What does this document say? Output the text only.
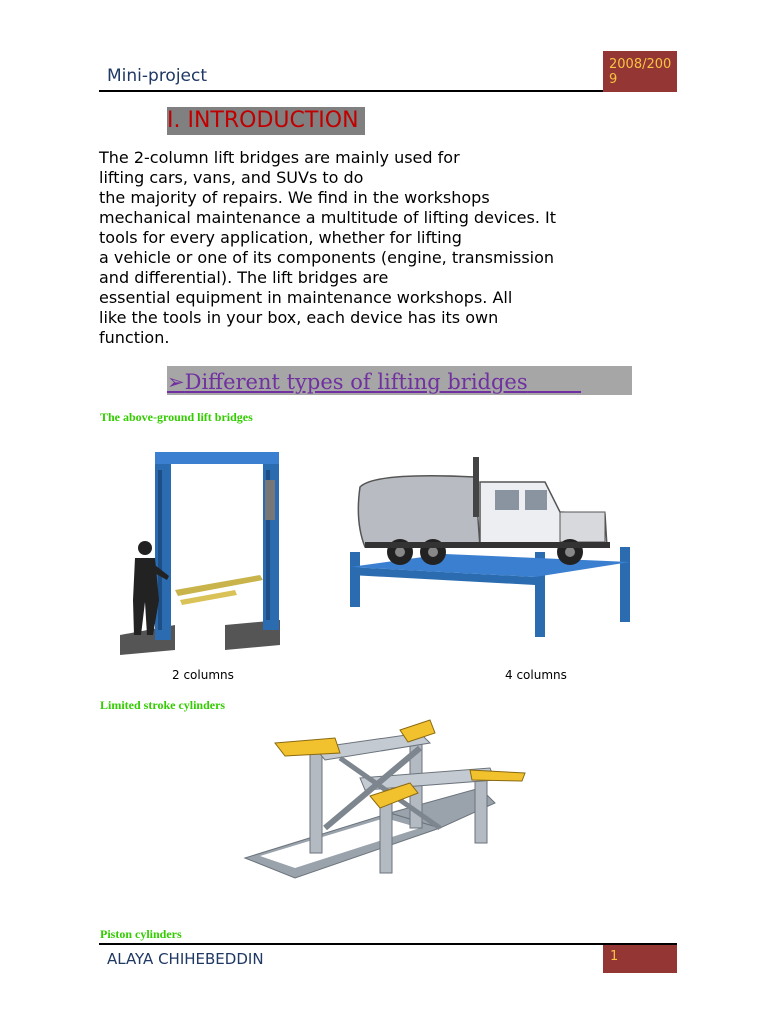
Mini-project
2008/2009
I. INTRODUCTION
The 2-column lift bridges are mainly used for
lifting cars, vans, and SUVs to do
the majority of repairs. We find in the workshops
mechanical maintenance a multitude of lifting devices. It
tools for every application, whether for lifting
a vehicle or one of its components (engine, transmission
and differential). The lift bridges are
essential equipment in maintenance workshops. All
like the tools in your box, each device has its own
function.
➢Different types of lifting bridges
The above-ground lift bridges
2 columns	4 columns
Limited stroke cylinders
Piston cylinders
ALAYA CHIHEBEDDIN	1
